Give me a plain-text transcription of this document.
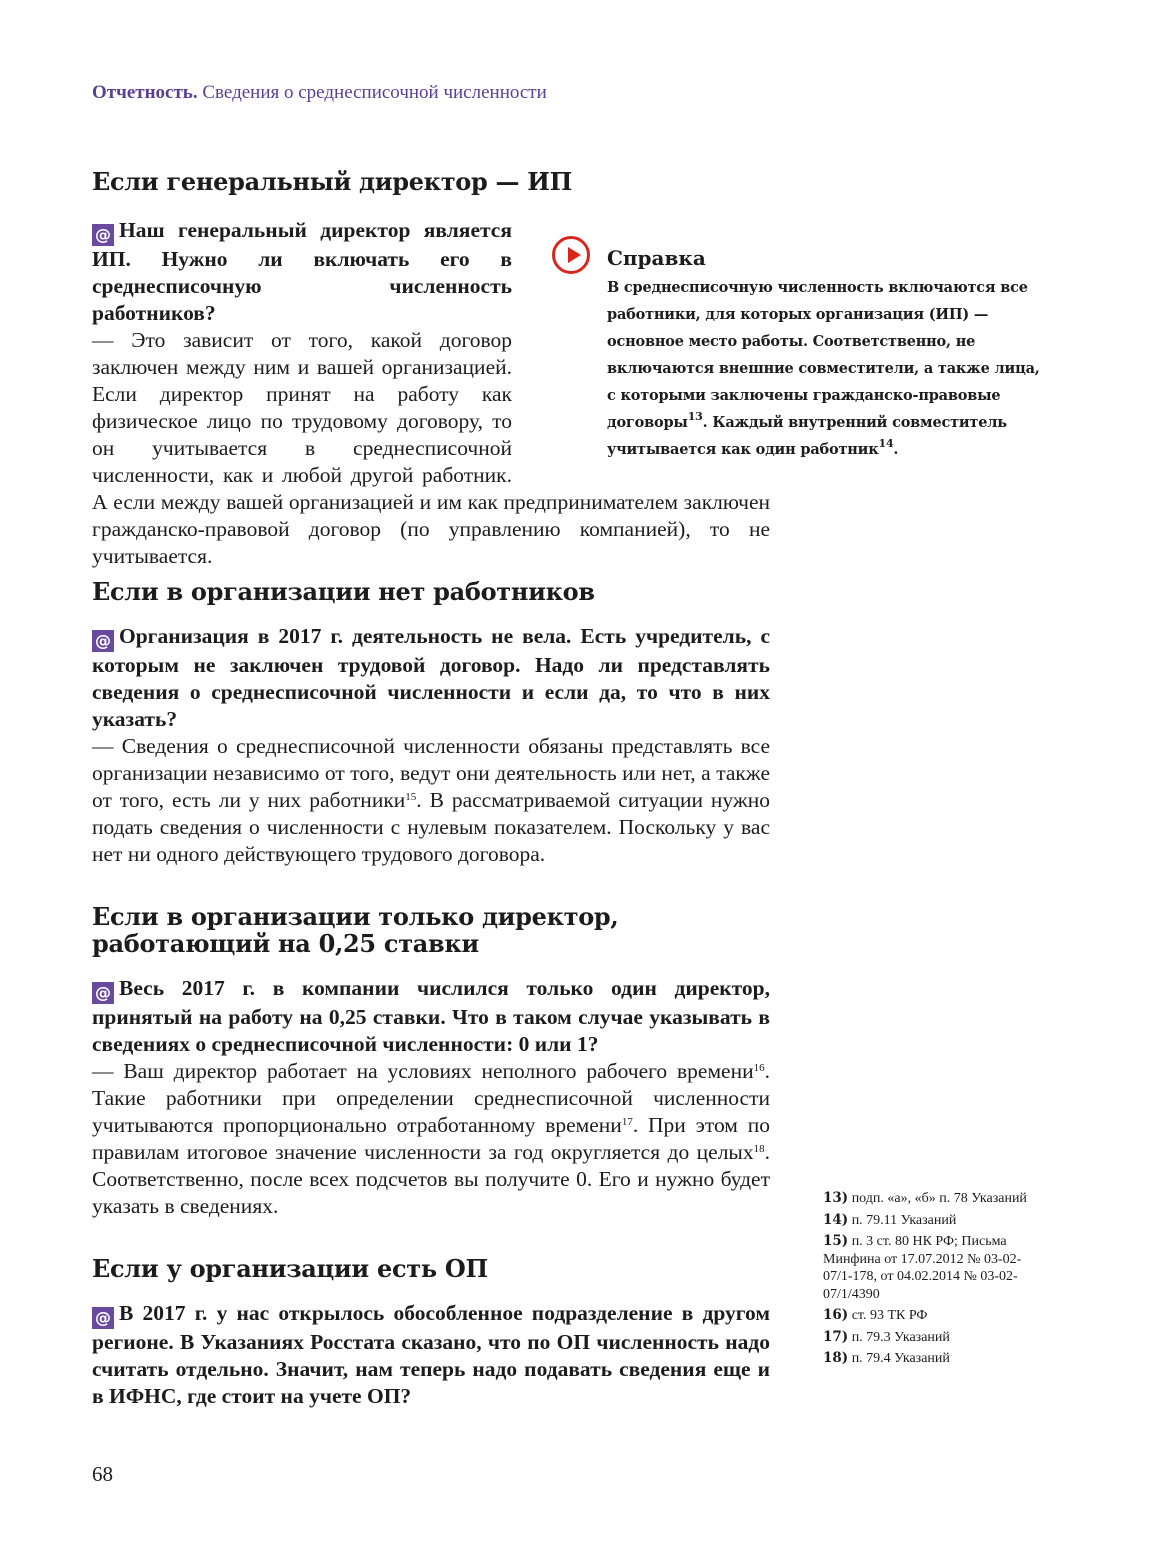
Отчетность. Сведения о среднесписочной численности
Если генеральный директор — ИП

@ Наш генеральный директор является ИП. Нужно ли включать его в среднесписочную численность работников?

— Это зависит от того, какой договор заключен между ним и вашей организацией. Если директор принят на работу как физическое лицо по трудовому договору, то он учитывается в среднесписочной численности, как и любой другой работник. А если между вашей организацией и им как предпринимателем заключен гражданско-правовой договор (по управлению компанией), то не учитывается.

Справка
В среднесписочную численность включаются все работники, для которых организация (ИП) — основное место работы. Соответственно, не включаются внешние совместители, а также лица, с которыми заключены гражданско-правовые договоры$^{13}$. Каждый внутренний совместитель учитывается как один работник$^{14}$.
Если в организации нет работников

@ Организация в 2017 г. деятельность не вела. Есть учредитель, с которым не заключен трудовой договор. Надо ли представлять сведения о среднесписочной численности и если да, то что в них указать?

— Сведения о среднесписочной численности обязаны представлять все организации независимо от того, ведут они деятельность или нет, а также от того, есть ли у них работники$^{15}$. В рассматриваемой ситуации нужно подать сведения о численности с нулевым показателем. Поскольку у вас нет ни одного действующего трудового договора.

Если в организации только директор,
работающий на 0,25 ставки

@ Весь 2017 г. в компании числился только один директор, принятый на работу на 0,25 ставки. Что в таком случае указывать в сведениях о среднесписочной численности: 0 или 1?

— Ваш директор работает на условиях неполного рабочего времени$^{16}$. Такие работники при определении среднесписочной численности учитываются пропорционально отработанному времени$^{17}$. При этом по правилам итоговое значение численности за год округляется до целых$^{18}$. Соответственно, после всех подсчетов вы получите 0. Его и нужно будет указать в сведениях.

Если у организации есть ОП

@ В 2017 г. у нас открылось обособленное подразделение в другом регионе. В Указаниях Росстата сказано, что по ОП численность надо считать отдельно. Значит, нам теперь надо подавать сведения еще и в ИФНС, где стоит на учете ОП?

13) подп. «а», «б» п. 78 Указаний
14) п. 79.11 Указаний
15) п. 3 ст. 80 НК РФ; Письма Минфина от 17.07.2012 № 03-02-07/1-178, от 04.02.2014 № 03-02-07/1/4390
16) ст. 93 ТК РФ
17) п. 79.3 Указаний
18) п. 79.4 Указаний
68
